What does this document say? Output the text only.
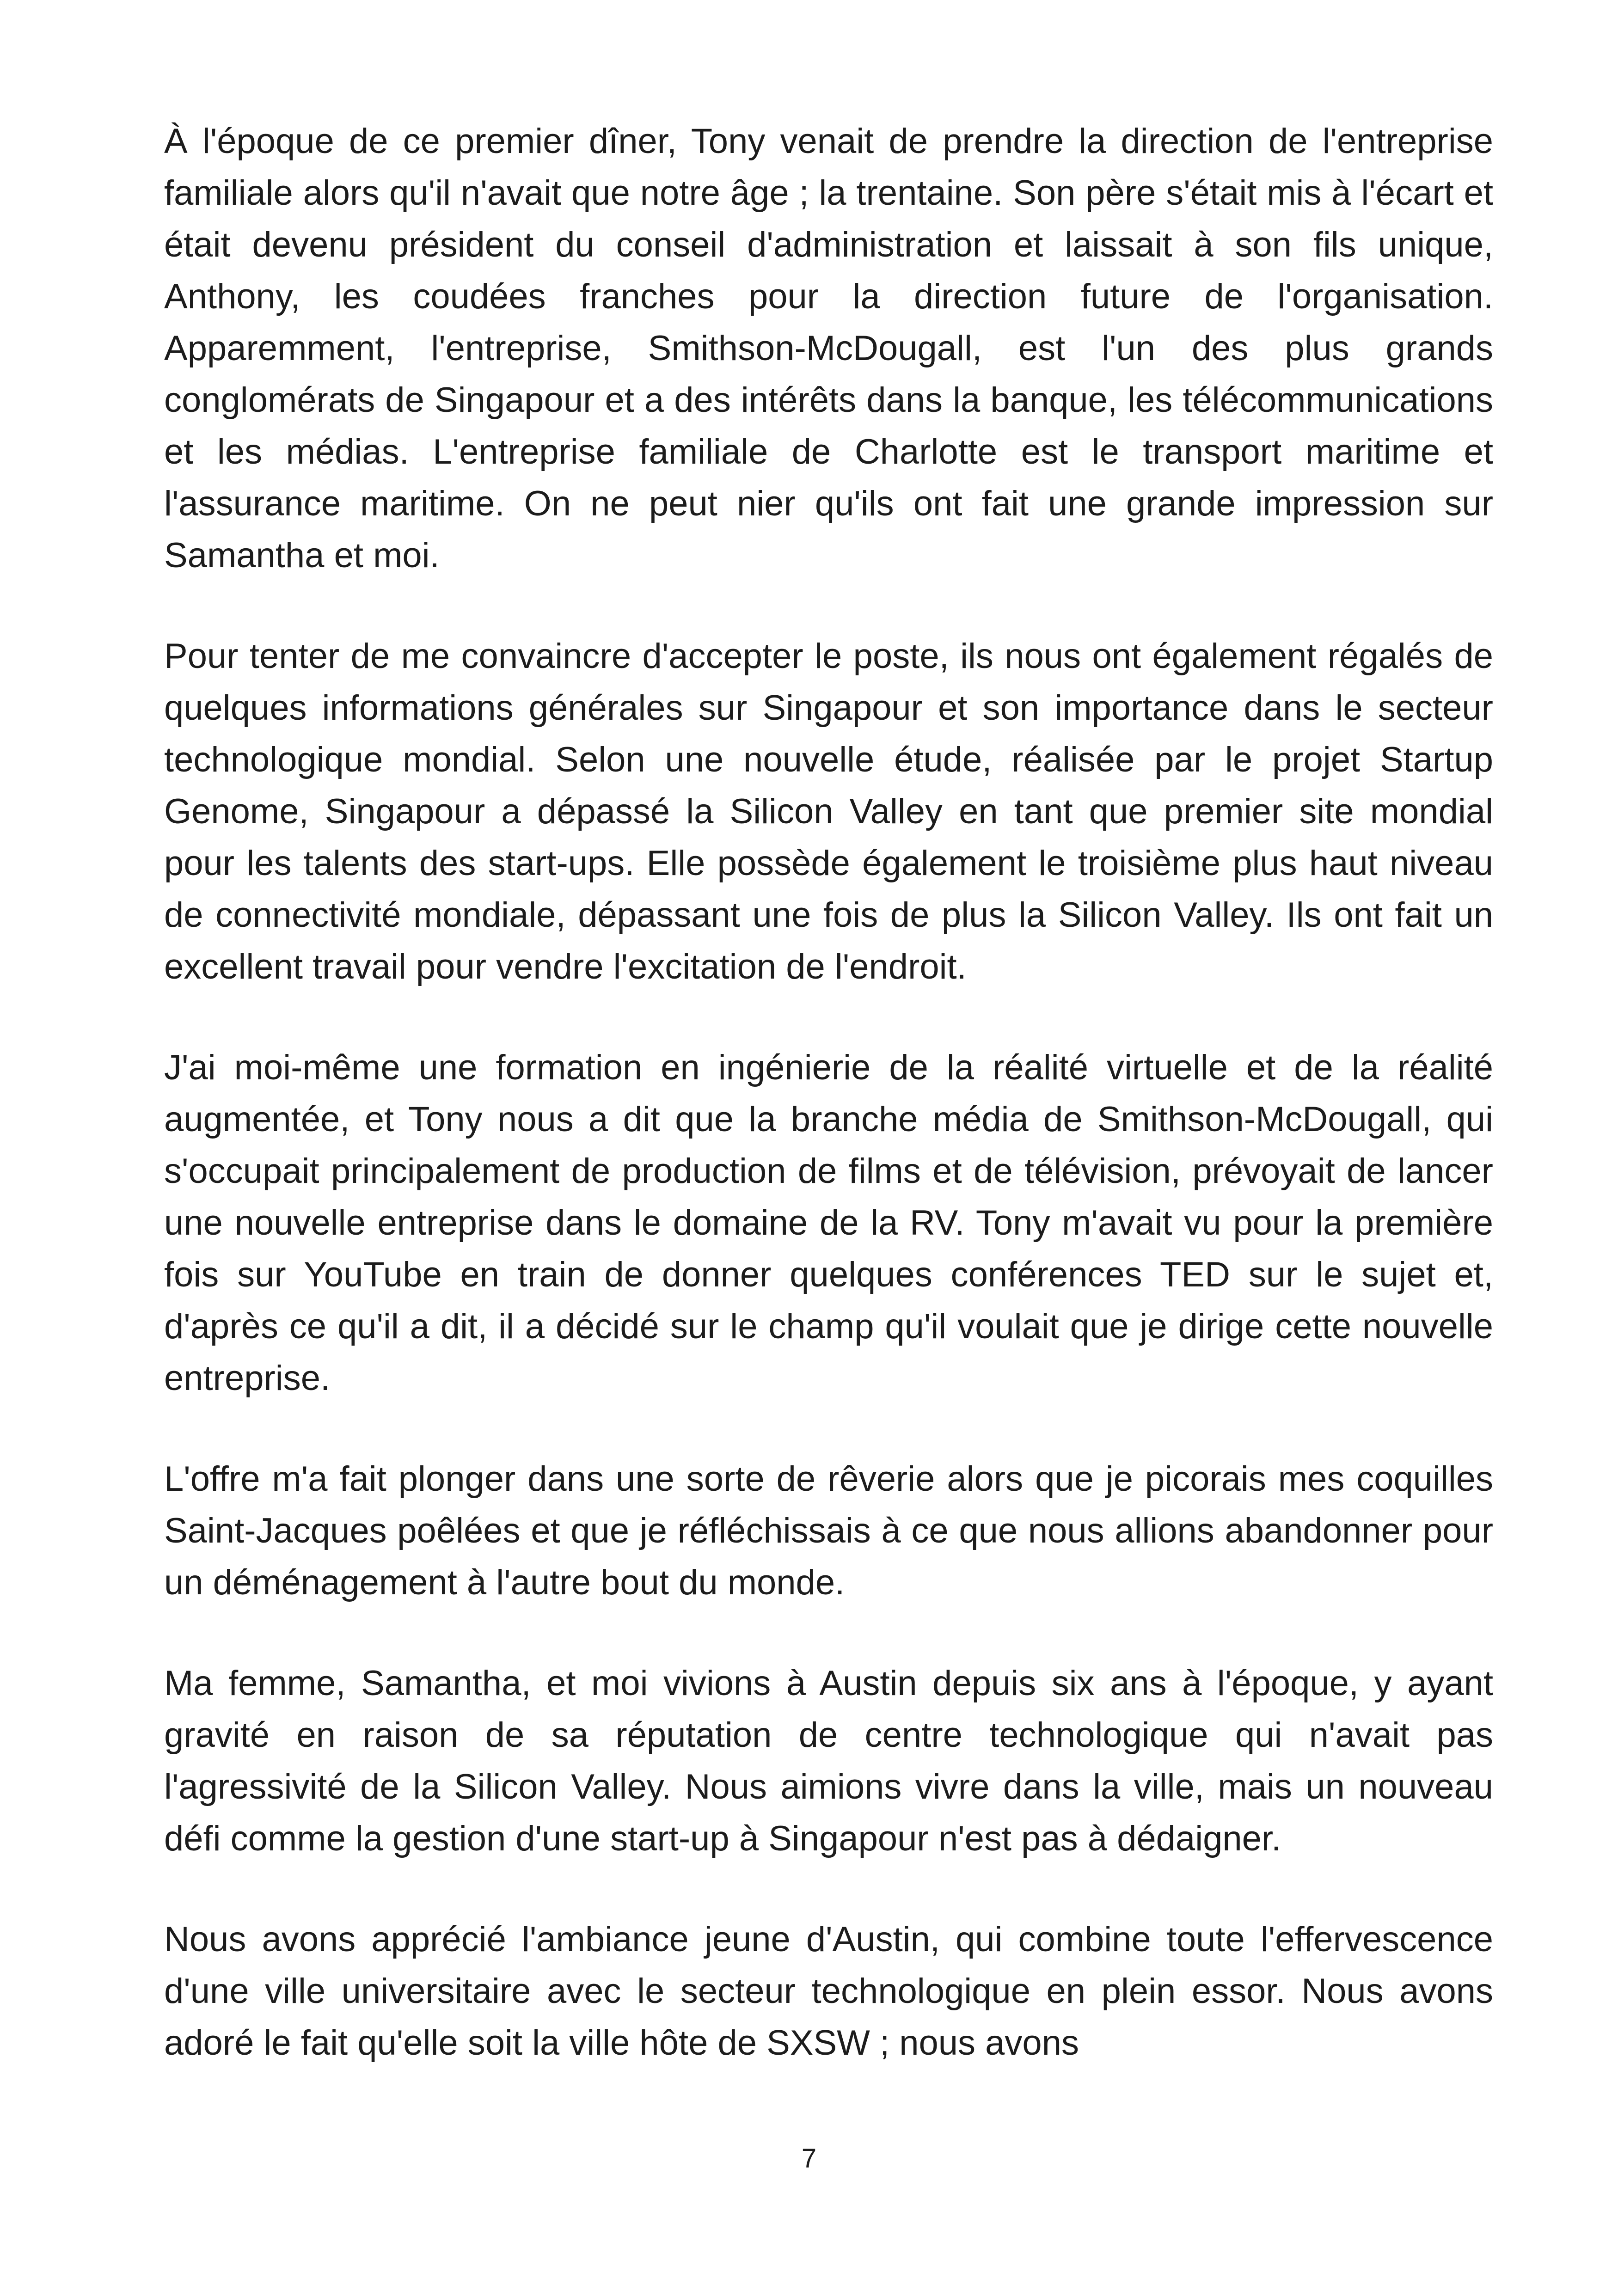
À l'époque de ce premier dîner, Tony venait de prendre la direction de l'entreprise familiale alors qu'il n'avait que notre âge ; la trentaine. Son père s'était mis à l'écart et était devenu président du conseil d'administration et laissait à son fils unique, Anthony, les coudées franches pour la direction future de l'organisation. Apparemment, l'entreprise, Smithson-McDougall, est l'un des plus grands conglomérats de Singapour et a des intérêts dans la banque, les télécommunications et les médias. L'entreprise familiale de Charlotte est le transport maritime et l'assurance maritime. On ne peut nier qu'ils ont fait une grande impression sur Samantha et moi.

Pour tenter de me convaincre d'accepter le poste, ils nous ont également régalés de quelques informations générales sur Singapour et son importance dans le secteur technologique mondial. Selon une nouvelle étude, réalisée par le projet Startup Genome, Singapour a dépassé la Silicon Valley en tant que premier site mondial pour les talents des start-ups. Elle possède également le troisième plus haut niveau de connectivité mondiale, dépassant une fois de plus la Silicon Valley. Ils ont fait un excellent travail pour vendre l'excitation de l'endroit.

J'ai moi-même une formation en ingénierie de la réalité virtuelle et de la réalité augmentée, et Tony nous a dit que la branche média de Smithson-McDougall, qui s'occupait principalement de production de films et de télévision, prévoyait de lancer une nouvelle entreprise dans le domaine de la RV. Tony m'avait vu pour la première fois sur YouTube en train de donner quelques conférences TED sur le sujet et, d'après ce qu'il a dit, il a décidé sur le champ qu'il voulait que je dirige cette nouvelle entreprise.

L'offre m'a fait plonger dans une sorte de rêverie alors que je picorais mes coquilles Saint-Jacques poêlées et que je réfléchissais à ce que nous allions abandonner pour un déménagement à l'autre bout du monde.

Ma femme, Samantha, et moi vivions à Austin depuis six ans à l'époque, y ayant gravité en raison de sa réputation de centre technologique qui n'avait pas l'agressivité de la Silicon Valley. Nous aimions vivre dans la ville, mais un nouveau défi comme la gestion d'une start-up à Singapour n'est pas à dédaigner.

Nous avons apprécié l'ambiance jeune d'Austin, qui combine toute l'effervescence d'une ville universitaire avec le secteur technologique en plein essor. Nous avons adoré le fait qu'elle soit la ville hôte de SXSW ; nous avons

7
